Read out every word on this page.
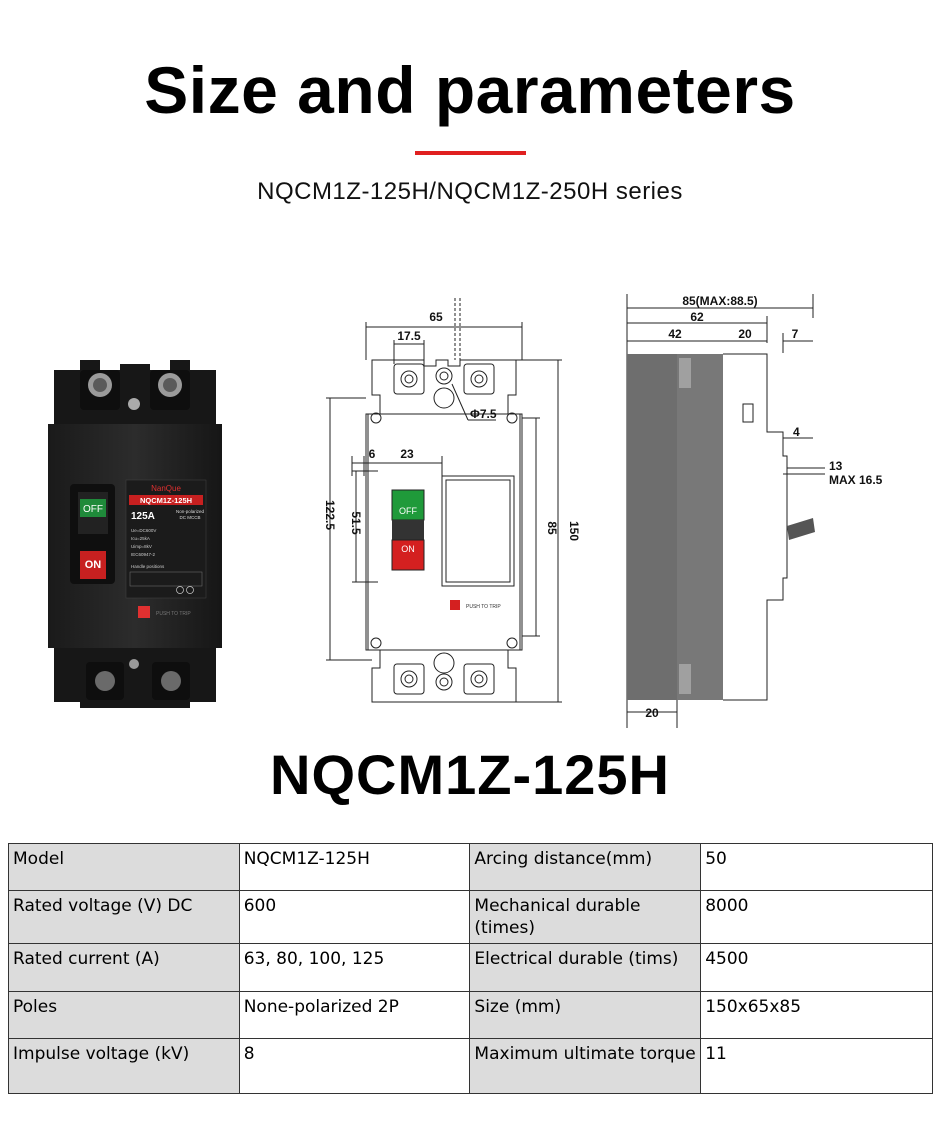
Size and parameters
NQCM1Z-125H/NQCM1Z-250H series
OFF
ON
NanQue
NQCM1Z-125H
125A	Non-polarized
DC MCCB
Ue=DC600V
Icu=25kA
Uimp=8kV
IEC60947-2
Handle positions
PUSH TO TRIP
OFF
ON
PUSH TO TRIP
65
17.5
Φ7.5
6 23
122.5 51.5	85 150
85(MAX:88.5)
62
42	20	7
4
13
MAX 16.5
20
NQCM1Z-125H
Model	NQCM1Z-125H	Arcing distance(mm)	50
Rated voltage (V) DC	600	Mechanical durable (times)	8000
Rated current (A)	63, 80, 100, 125	Electrical durable (tims)	4500
Poles	None-polarized 2P	Size (mm)	150x65x85
Impulse voltage (kV)	8	Maximum ultimate torque	11
